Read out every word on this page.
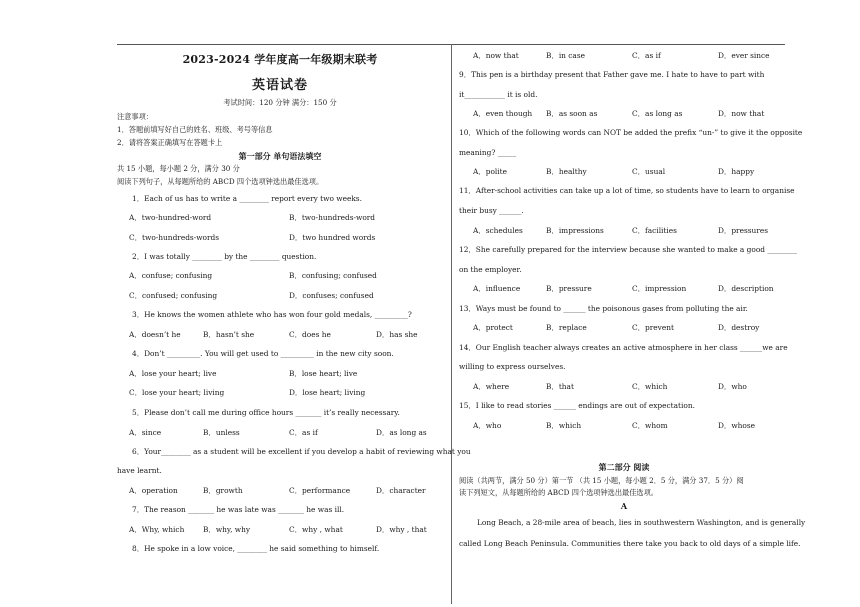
2023-2024 学年度高一年级期末联考
英语试卷
考试时间：120 分钟 满分：150 分
注意事项：
1．答题前填写好自己的姓名、班级、考号等信息
2．请将答案正确填写在答题卡上
第一部分 单句语法填空
共 15 小题，每小题 2 分，满分 30 分
阅读下列句子，从每题所给的 ABCD 四个选项钟选出最佳选项。
1．Each of us has to write a ________ report every two weeks.
A．two-hundred-word	B．two-hundreds-word
C．two-hundreds-words	D．two hundred words
2．I was totally ________ by the ________ question.
A．confuse; confusing	B．confusing; confused
C．confused; confusing	D．confuses; confused
3．He knows the women athlete who has won four gold medals, _________?
A．doesn’t he	B．hasn’t she	C．does he	D．has she
4．Don’t _________. You will get used to _________ in the new city soon.
A．lose your heart; live	B．lose heart; live
C．lose your heart; living	D．lose heart; living
5．Please don’t call me during office hours _______ it’s really necessary.
A．since	B．unless	C．as if	D．as long as
6．Your________ as a student will be excellent if you develop a habit of reviewing what you
have learnt.
A．operation	B．growth	C．performance	D．character
7．The reason _______ he was late was _______ he was ill.
A．Why, which	B．why, why	C．why , what	D．why , that
8．He spoke in a low voice, ________ he said something to himself.
A．now that	B．in case	C．as if	D．ever since
9．This pen is a birthday present that Father gave me. I hate to have to part with
it___________ it is old.
A．even though B．as soon as	C．as long as	D．now that
10．Which of the following words can NOT be added the prefix “un-” to give it the opposite
meaning? _____
A．polite	B．healthy	C．usual	D．happy
11．After-school activities can take up a lot of time, so students have to learn to organise
their busy ______.
A．schedules	B．impressions	C．facilities	D．pressures
12．She carefully prepared for the interview because she wanted to make a good ________
on the employer.
A．influence	B．pressure	C．impression	D．description
13．Ways must be found to ______ the poisonous gases from polluting the air.
A．protect	B．replace	C．prevent	D．destroy
14．Our English teacher always creates an active atmosphere in her class ______we are
willing to express ourselves.
A．where	B．that	C．which	D．who
15．I like to read stories ______ endings are out of expectation.
A．who	B．which	C．whom	D．whose
第二部分 阅读
阅读（共两节，满分 50 分）第一节 （共 15 小题，每小题 2．5 分，满分 37．5 分）阅
读下列短文，从每题所给的 ABCD 四个选项钟选出最佳选项。
A
Long Beach, a 28-mile area of beach, lies in southwestern Washington, and is generally
called Long Beach Peninsula. Communities there take you back to old days of a simple life.
